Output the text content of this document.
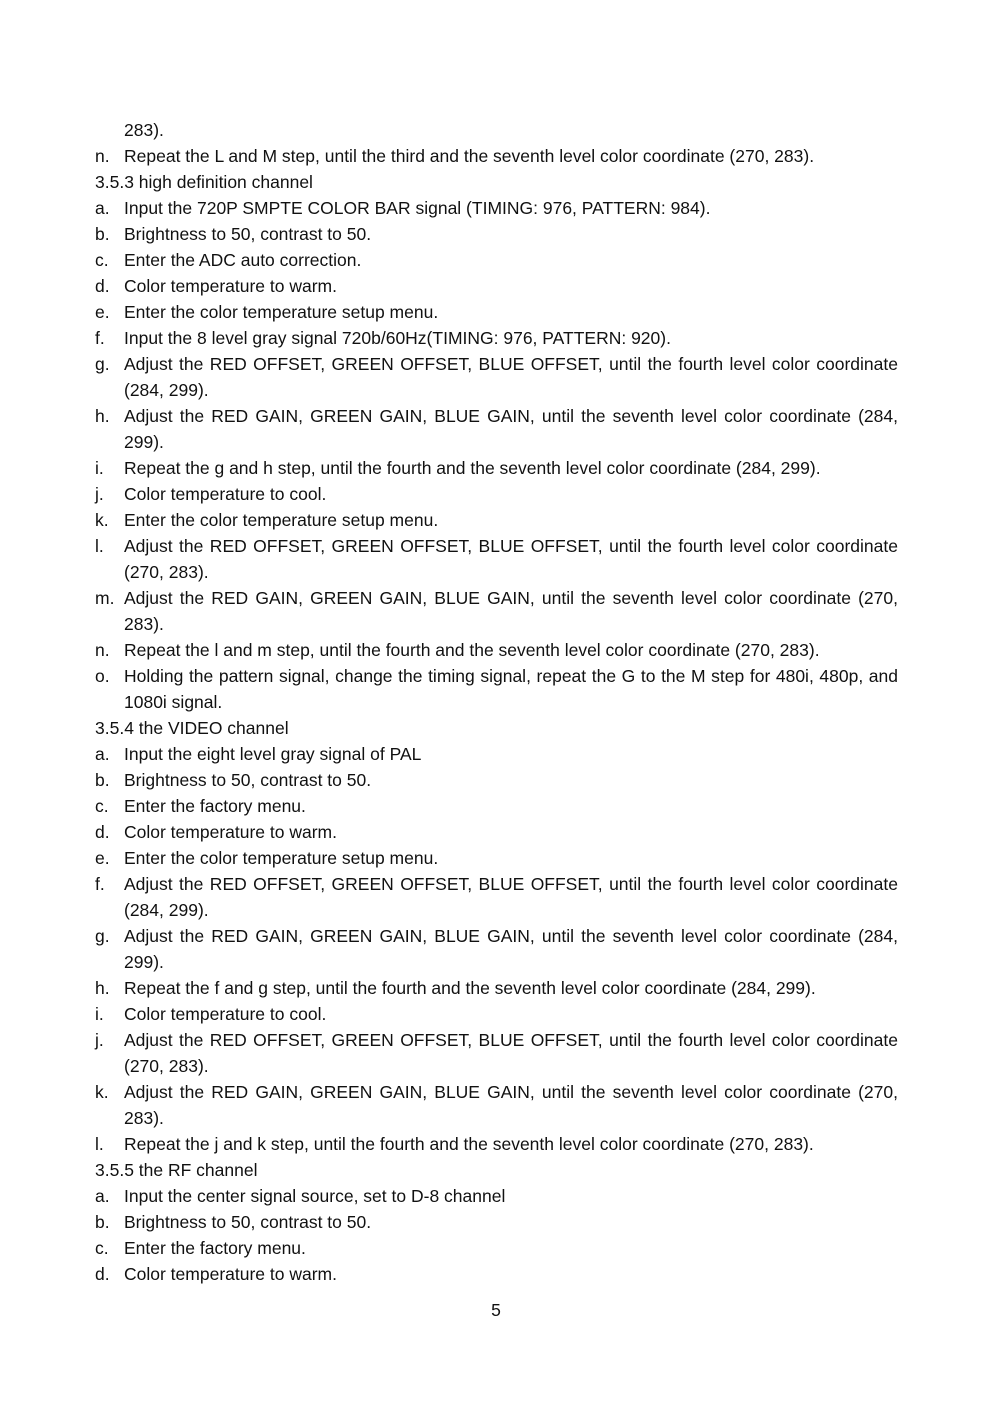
283).
n. Repeat the L and M step, until the third and the seventh level color coordinate (270, 283).
3.5.3 high definition channel
a. Input the 720P SMPTE COLOR BAR signal (TIMING: 976, PATTERN: 984).
b. Brightness to 50, contrast to 50.
c. Enter the ADC auto correction.
d. Color temperature to warm.
e. Enter the color temperature setup menu.
f. Input the 8 level gray signal 720b/60Hz(TIMING: 976, PATTERN: 920).
g. Adjust the RED OFFSET, GREEN OFFSET, BLUE OFFSET, until the fourth level color coordinate (284, 299).
h. Adjust the RED GAIN, GREEN GAIN, BLUE GAIN, until the seventh level color coordinate (284, 299).
i. Repeat the g and h step, until the fourth and the seventh level color coordinate (284, 299).
j. Color temperature to cool.
k. Enter the color temperature setup menu.
l. Adjust the RED OFFSET, GREEN OFFSET, BLUE OFFSET, until the fourth level color coordinate (270, 283).
m. Adjust the RED GAIN, GREEN GAIN, BLUE GAIN, until the seventh level color coordinate (270, 283).
n. Repeat the l and m step, until the fourth and the seventh level color coordinate (270, 283).
o. Holding the pattern signal, change the timing signal, repeat the G to the M step for 480i, 480p, and 1080i signal.
3.5.4 the VIDEO channel
a. Input the eight level gray signal of PAL
b. Brightness to 50, contrast to 50.
c. Enter the factory menu.
d. Color temperature to warm.
e. Enter the color temperature setup menu.
f. Adjust the RED OFFSET, GREEN OFFSET, BLUE OFFSET, until the fourth level color coordinate (284, 299).
g. Adjust the RED GAIN, GREEN GAIN, BLUE GAIN, until the seventh level color coordinate (284, 299).
h. Repeat the f and g step, until the fourth and the seventh level color coordinate (284, 299).
i. Color temperature to cool.
j. Adjust the RED OFFSET, GREEN OFFSET, BLUE OFFSET, until the fourth level color coordinate (270, 283).
k. Adjust the RED GAIN, GREEN GAIN, BLUE GAIN, until the seventh level color coordinate (270, 283).
l. Repeat the j and k step, until the fourth and the seventh level color coordinate (270, 283).
3.5.5 the RF channel
a. Input the center signal source, set to D-8 channel
b. Brightness to 50, contrast to 50.
c. Enter the factory menu.
d. Color temperature to warm.
5
